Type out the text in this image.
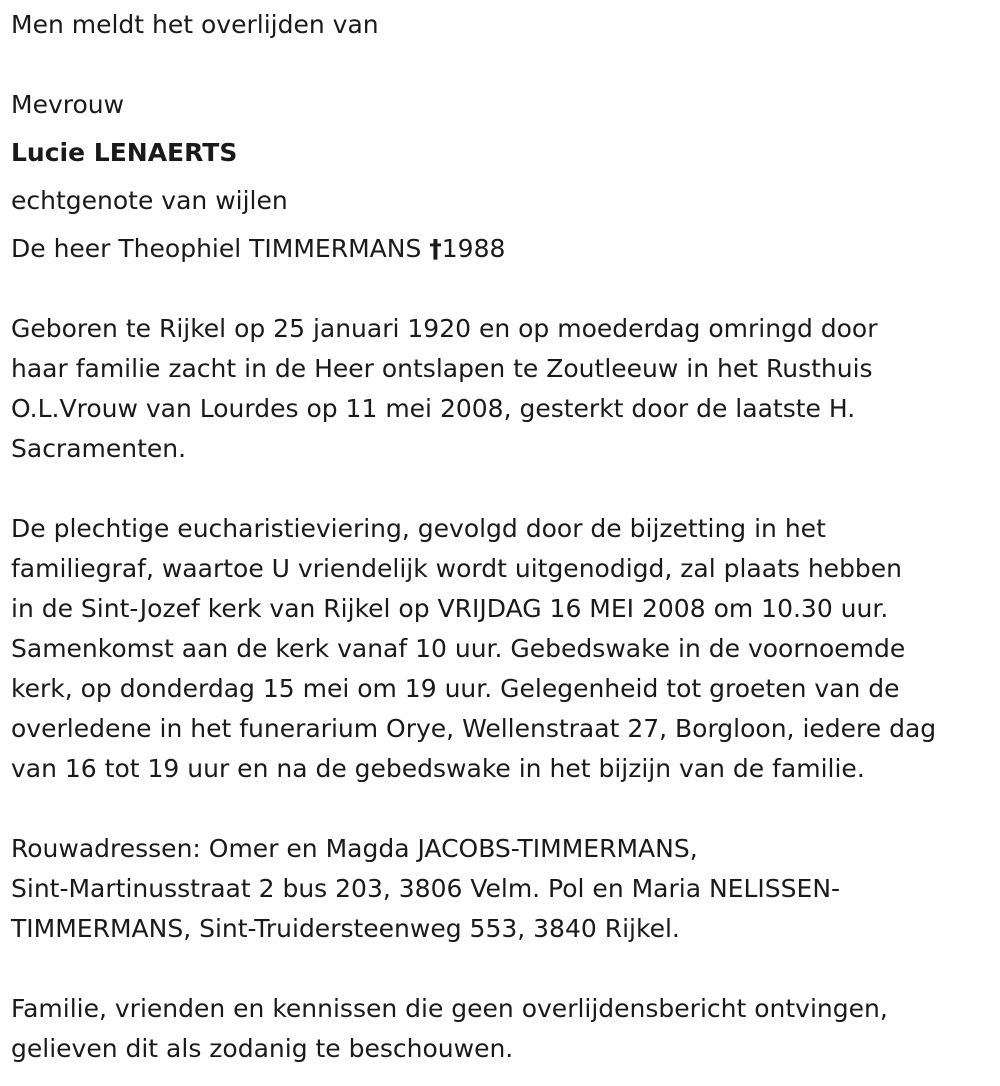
Men meldt het overlijden van

Mevrouw

Lucie LENAERTS

echtgenote van wijlen

De heer Theophiel TIMMERMANS †1988

Geboren te Rijkel op 25 januari 1920 en op moederdag omringd door

haar familie zacht in de Heer ontslapen te Zoutleeuw in het Rusthuis

O.L.Vrouw van Lourdes op 11 mei 2008, gesterkt door de laatste H.

Sacramenten.

De plechtige eucharistieviering, gevolgd door de bijzetting in het

familiegraf, waartoe U vriendelijk wordt uitgenodigd, zal plaats hebben

in de Sint-Jozef kerk van Rijkel op VRIJDAG 16 MEI 2008 om 10.30 uur.

Samenkomst aan de kerk vanaf 10 uur. Gebedswake in de voornoemde

kerk, op donderdag 15 mei om 19 uur. Gelegenheid tot groeten van de

overledene in het funerarium Orye, Wellenstraat 27, Borgloon, iedere dag

van 16 tot 19 uur en na de gebedswake in het bijzijn van de familie.

Rouwadressen: Omer en Magda JACOBS-TIMMERMANS,

Sint-Martinusstraat 2 bus 203, 3806 Velm. Pol en Maria NELISSEN-

TIMMERMANS, Sint-Truidersteenweg 553, 3840 Rijkel.

Familie, vrienden en kennissen die geen overlijdensbericht ontvingen,

gelieven dit als zodanig te beschouwen.
